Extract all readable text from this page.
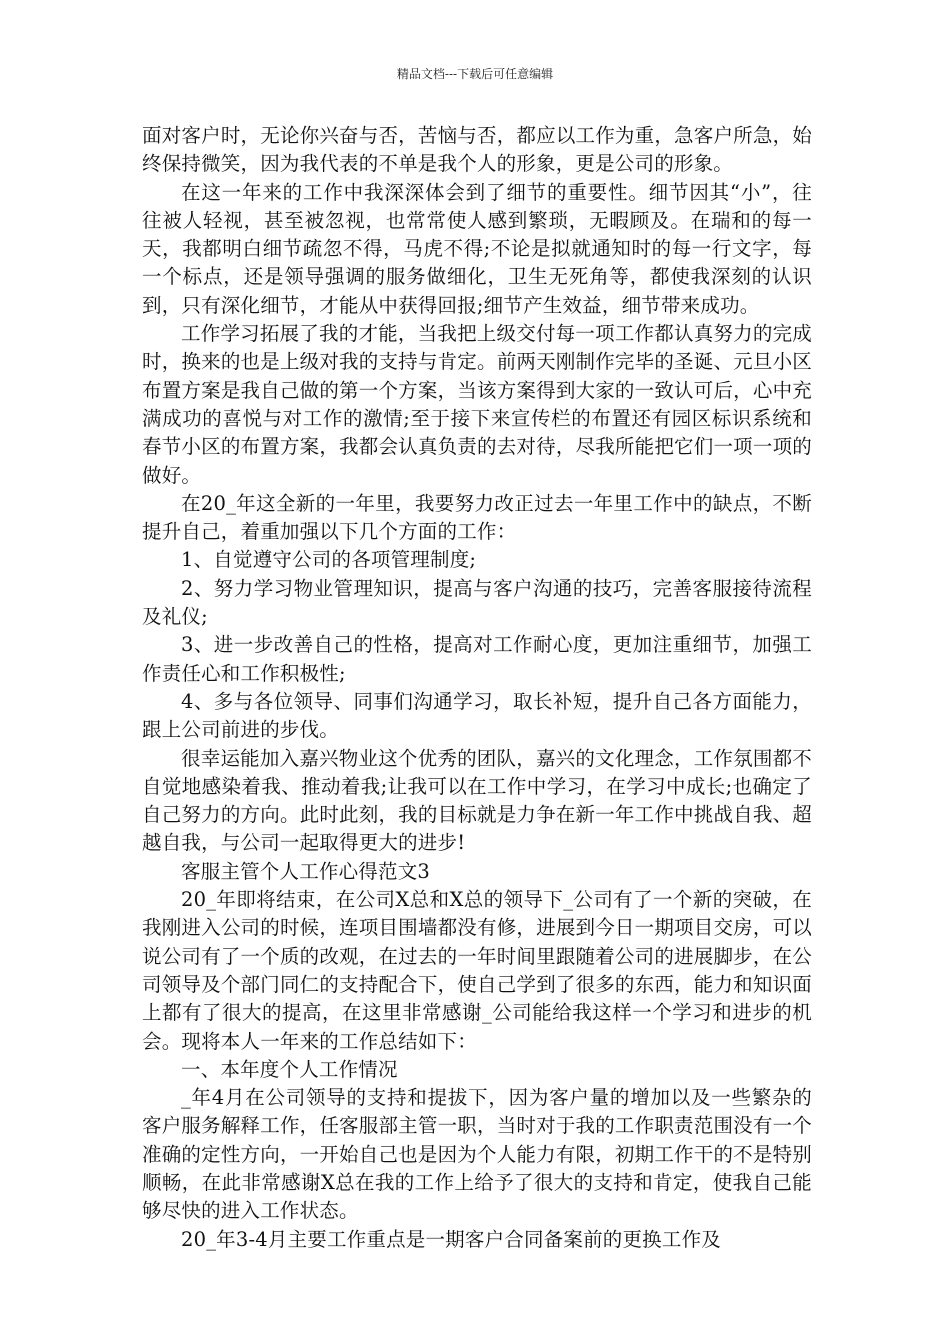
精品文档---下载后可任意编辑

面对客户时，无论你兴奋与否，苦恼与否，都应以工作为重，急客户所急，始终保持微笑，因为我代表的不单是我个人的形象，更是公司的形象。

在这一年来的工作中我深深体会到了细节的重要性。细节因其“小”，往往被人轻视，甚至被忽视，也常常使人感到繁琐，无暇顾及。在瑞和的每一天，我都明白细节疏忽不得，马虎不得;不论是拟就通知时的每一行文字，每一个标点，还是领导强调的服务做细化，卫生无死角等，都使我深刻的认识到，只有深化细节，才能从中获得回报;细节产生效益，细节带来成功。

工作学习拓展了我的才能，当我把上级交付每一项工作都认真努力的完成时，换来的也是上级对我的支持与肯定。前两天刚制作完毕的圣诞、元旦小区布置方案是我自己做的第一个方案，当该方案得到大家的一致认可后，心中充满成功的喜悦与对工作的激情;至于接下来宣传栏的布置还有园区标识系统和春节小区的布置方案，我都会认真负责的去对待，尽我所能把它们一项一项的做好。

在20_年这全新的一年里，我要努力改正过去一年里工作中的缺点，不断提升自己，着重加强以下几个方面的工作：

1、自觉遵守公司的各项管理制度;

2、努力学习物业管理知识，提高与客户沟通的技巧，完善客服接待流程及礼仪;

3、进一步改善自己的性格，提高对工作耐心度，更加注重细节，加强工作责任心和工作积极性;

4、多与各位领导、同事们沟通学习，取长补短，提升自己各方面能力，跟上公司前进的步伐。

很幸运能加入嘉兴物业这个优秀的团队，嘉兴的文化理念，工作氛围都不自觉地感染着我、推动着我;让我可以在工作中学习，在学习中成长;也确定了自己努力的方向。此时此刻，我的目标就是力争在新一年工作中挑战自我、超越自我，与公司一起取得更大的进步!

客服主管个人工作心得范文3

20_年即将结束，在公司X总和X总的领导下_公司有了一个新的突破，在我刚进入公司的时候，连项目围墙都没有修，进展到今日一期项目交房，可以说公司有了一个质的改观，在过去的一年时间里跟随着公司的进展脚步，在公司领导及个部门同仁的支持配合下，使自己学到了很多的东西，能力和知识面上都有了很大的提高，在这里非常感谢_公司能给我这样一个学习和进步的机会。现将本人一年来的工作总结如下：

一、本年度个人工作情况

_年4月在公司领导的支持和提拔下，因为客户量的增加以及一些繁杂的客户服务解释工作，任客服部主管一职，当时对于我的工作职责范围没有一个准确的定性方向，一开始自己也是因为个人能力有限，初期工作干的不是特别顺畅，在此非常感谢X总在我的工作上给予了很大的支持和肯定，使我自己能够尽快的进入工作状态。

20_年3-4月主要工作重点是一期客户合同备案前的更换工作及
